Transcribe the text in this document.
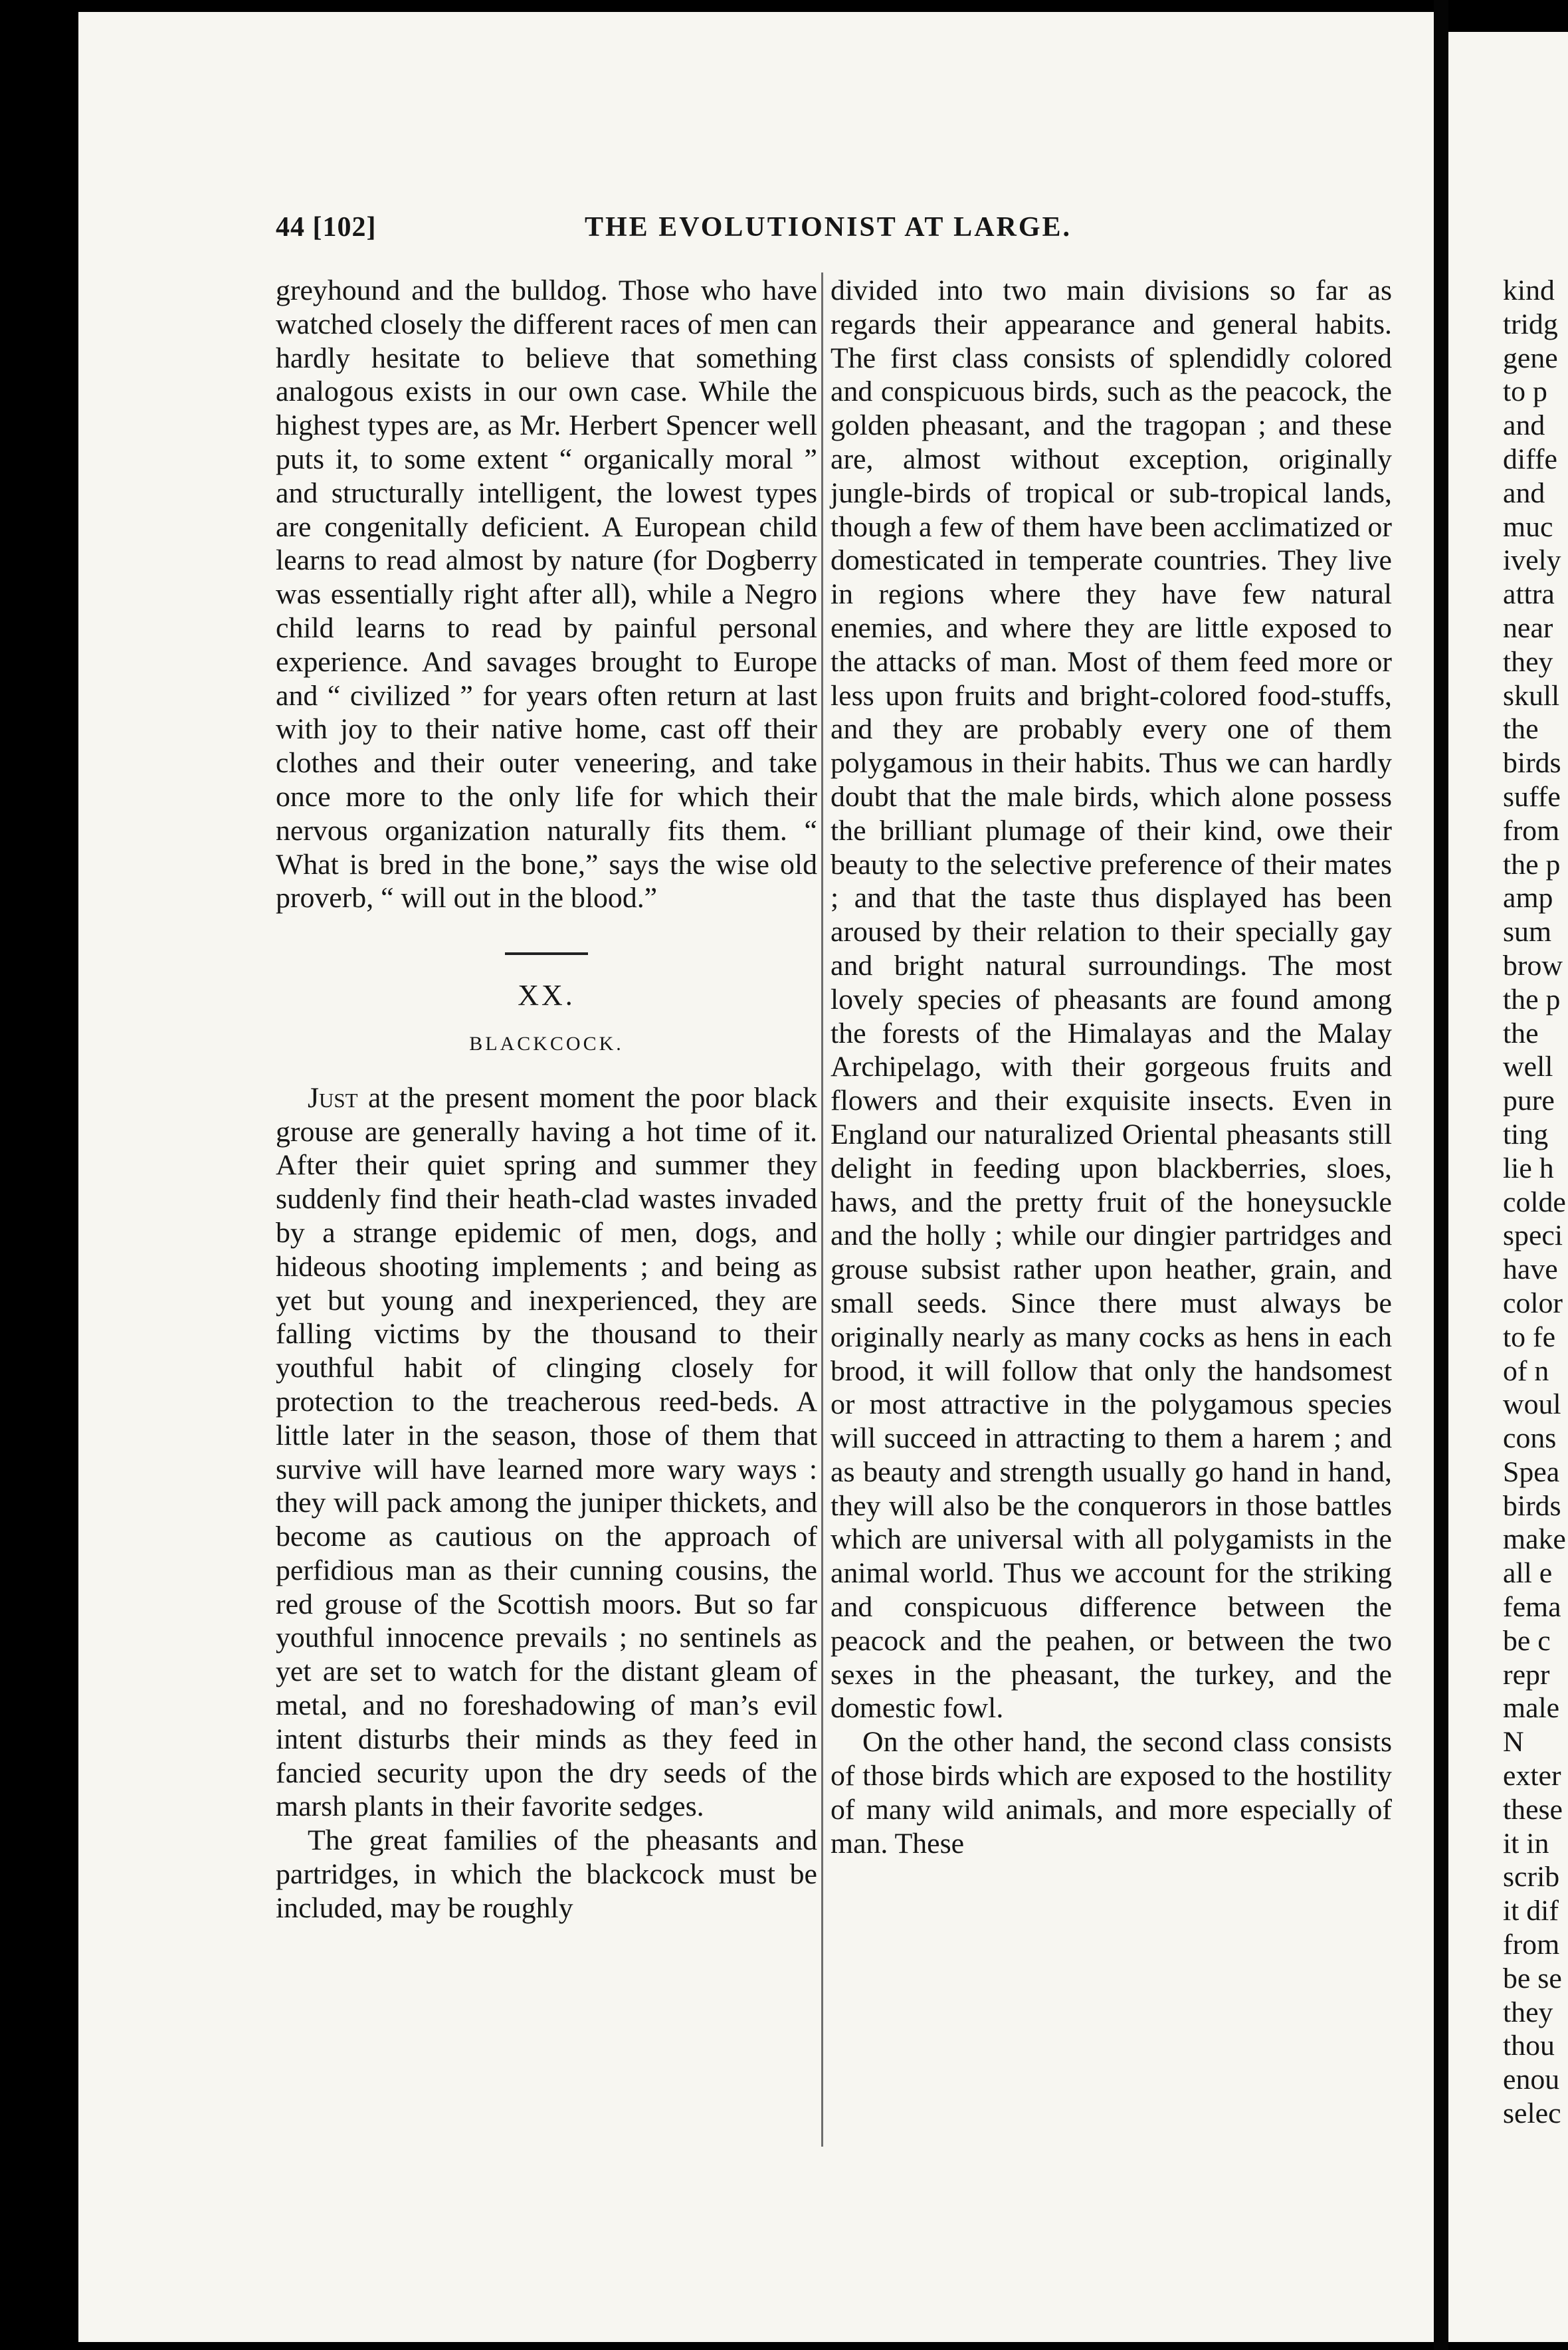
44 [102]	THE EVOLUTIONIST AT LARGE.

greyhound and the bulldog. Those who have watched closely the different races of men can hardly hesitate to believe that something analogous exists in our own case. While the highest types are, as Mr. Herbert Spencer well puts it, to some extent “ organically moral ” and structurally intelligent, the lowest types are congenitally deficient. A European child learns to read almost by nature (for Dogberry was essentially right after all), while a Negro child learns to read by painful personal experience. And savages brought to Europe and “ civilized ” for years often return at last with joy to their native home, cast off their clothes and their outer veneering, and take once more to the only life for which their nervous organization naturally fits them. “ What is bred in the bone,” says the wise old proverb, “ will out in the blood.”

XX.
BLACKCOCK.

Just at the present moment the poor black grouse are generally having a hot time of it. After their quiet spring and summer they suddenly find their heath-clad wastes invaded by a strange epidemic of men, dogs, and hideous shooting implements ; and being as yet but young and inexperienced, they are falling victims by the thousand to their youthful habit of clinging closely for protection to the treacherous reed-beds. A little later in the season, those of them that survive will have learned more wary ways : they will pack among the juniper thickets, and become as cautious on the approach of perfidious man as their cunning cousins, the red grouse of the Scottish moors. But so far youthful innocence prevails ; no sentinels as yet are set to watch for the distant gleam of metal, and no foreshadowing of man’s evil intent disturbs their minds as they feed in fancied security upon the dry seeds of the marsh plants in their favorite sedges.

The great families of the pheasants and partridges, in which the blackcock must be included, may be roughly

divided into two main divisions so far as regards their appearance and general habits. The first class consists of splendidly colored and conspicuous birds, such as the peacock, the golden pheasant, and the tragopan ; and these are, almost without exception, originally jungle-birds of tropical or sub-tropical lands, though a few of them have been acclimatized or domesticated in temperate countries. They live in regions where they have few natural enemies, and where they are little exposed to the attacks of man. Most of them feed more or less upon fruits and bright-colored food-stuffs, and they are probably every one of them polygamous in their habits. Thus we can hardly doubt that the male birds, which alone possess the brilliant plumage of their kind, owe their beauty to the selective preference of their mates ; and that the taste thus displayed has been aroused by their relation to their specially gay and bright natural surroundings. The most lovely species of pheasants are found among the forests of the Himalayas and the Malay Archipelago, with their gorgeous fruits and flowers and their exquisite insects. Even in England our naturalized Oriental pheasants still delight in feeding upon blackberries, sloes, haws, and the pretty fruit of the honeysuckle and the holly ; while our dingier partridges and grouse subsist rather upon heather, grain, and small seeds. Since there must always be originally nearly as many cocks as hens in each brood, it will follow that only the handsomest or most attractive in the polygamous species will succeed in attracting to them a harem ; and as beauty and strength usually go hand in hand, they will also be the conquerors in those battles which are universal with all polygamists in the animal world. Thus we account for the striking and conspicuous difference between the peacock and the peahen, or between the two sexes in the pheasant, the turkey, and the domestic fowl.

On the other hand, the second class consists of those birds which are exposed to the hostility of many wild animals, and more especially of man. These

kind
tridg
gene
to p
and
diffe
and
muc
ively
attra
near
they
skull
the
birds
suffe
from
the p
amp
sum
brow
the p
the
well
pure
ting
lie h
colde
speci
have
color
to fe
of n
woul
cons
Spea
birds
make
all e
fema
be c
repr
male
N
exter
these
it in
scrib
it dif
from
be se
they
thou
enou
selec
